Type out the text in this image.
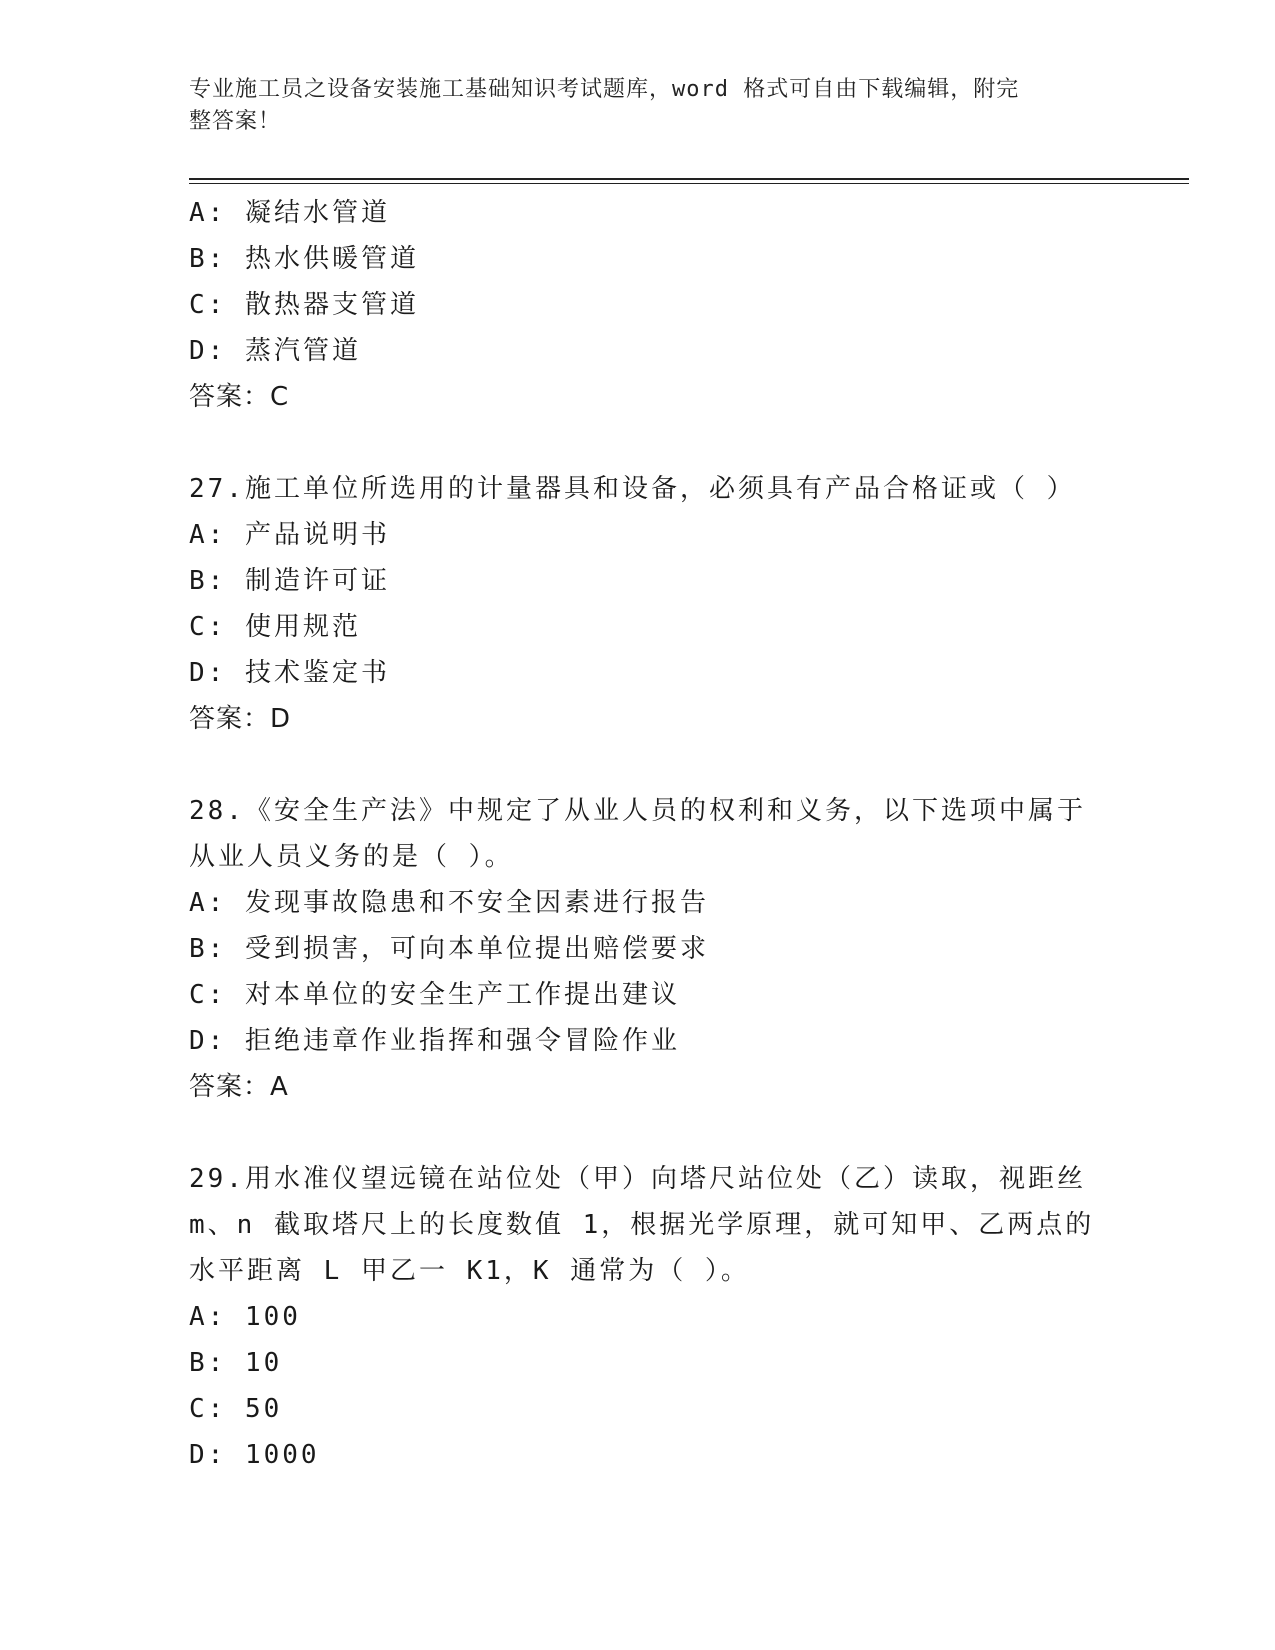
专业施工员之设备安装施工基础知识考试题库，word 格式可自由下载编辑，附完
整答案！
A: 凝结水管道
B: 热水供暖管道
C: 散热器支管道
D: 蒸汽管道
答案：C
27.施工单位所选用的计量器具和设备，必须具有产品合格证或（ ）
A: 产品说明书
B: 制造许可证
C: 使用规范
D: 技术鉴定书
答案：D
28.《安全生产法》中规定了从业人员的权利和义务，以下选项中属于
从业人员义务的是（ ）。
A: 发现事故隐患和不安全因素进行报告
B: 受到损害，可向本单位提出赔偿要求
C: 对本单位的安全生产工作提出建议
D: 拒绝违章作业指挥和强令冒险作业
答案：A
29.用水准仪望远镜在站位处（甲）向塔尺站位处（乙）读取，视距丝
m、n 截取塔尺上的长度数值 1，根据光学原理，就可知甲、乙两点的
水平距离 L 甲乙一 K1，K 通常为（ ）。
A: 100
B: 10
C: 50
D: 1000
